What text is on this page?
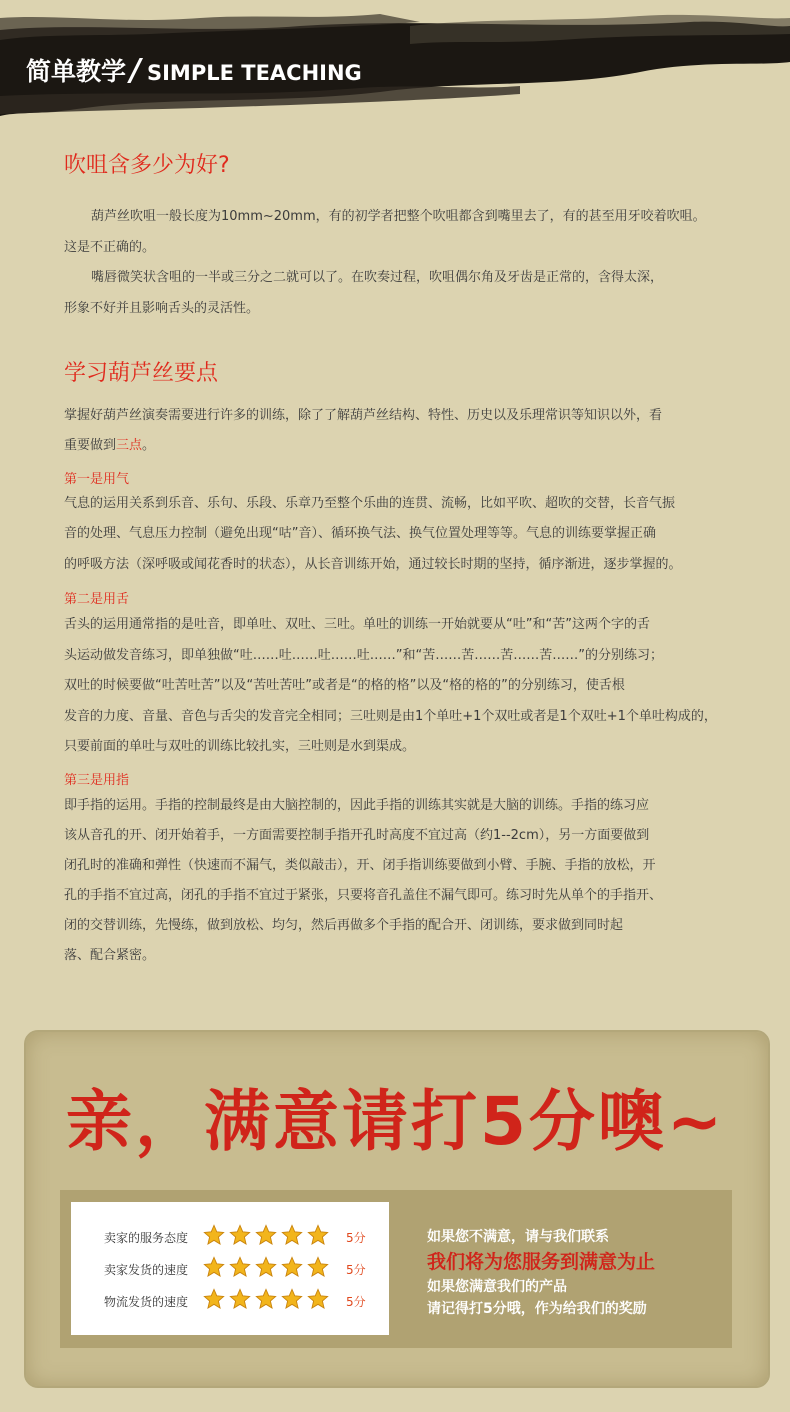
简单教学 / SIMPLE TEACHING
吹咀含多少为好?
葫芦丝吹咀一般长度为10mm~20mm，有的初学者把整个吹咀都含到嘴里去了，有的甚至用牙咬着吹咀。
这是不正确的。
嘴唇微笑状含咀的一半或三分之二就可以了。在吹奏过程，吹咀偶尔角及牙齿是正常的，含得太深，
形象不好并且影响舌头的灵活性。
学习葫芦丝要点
掌握好葫芦丝演奏需要进行许多的训练，除了了解葫芦丝结构、特性、历史以及乐理常识等知识以外，看
重要做到三点。
第一是用气
气息的运用关系到乐音、乐句、乐段、乐章乃至整个乐曲的连贯、流畅，比如平吹、超吹的交替，长音气振
音的处理、气息压力控制（避免出现“咕”音）、循环换气法、换气位置处理等等。气息的训练要掌握正确
的呼吸方法（深呼吸或闻花香时的状态），从长音训练开始，通过较长时期的坚持，循序渐进，逐步掌握的。
第二是用舌
舌头的运用通常指的是吐音，即单吐、双吐、三吐。单吐的训练一开始就要从“吐”和“苦”这两个字的舌
头运动做发音练习，即单独做“吐……吐……吐……吐……”和“苦……苦……苦……苦……”的分别练习；
双吐的时候要做“吐苦吐苦”以及“苦吐苦吐”或者是“的格的格”以及“格的格的”的分别练习，使舌根
发音的力度、音量、音色与舌尖的发音完全相同；三吐则是由1个单吐+1个双吐或者是1个双吐+1个单吐构成的，
只要前面的单吐与双吐的训练比较扎实，三吐则是水到渠成。
第三是用指
即手指的运用。手指的控制最终是由大脑控制的，因此手指的训练其实就是大脑的训练。手指的练习应
该从音孔的开、闭开始着手，一方面需要控制手指开孔时高度不宜过高（约1--2cm），另一方面要做到
闭孔时的准确和弹性（快速而不漏气，类似敲击），开、闭手指训练要做到小臂、手腕、手指的放松，开
孔的手指不宜过高，闭孔的手指不宜过于紧张，只要将音孔盖住不漏气即可。练习时先从单个的手指开、
闭的交替训练，先慢练，做到放松、均匀，然后再做多个手指的配合开、闭训练，要求做到同时起
落、配合紧密。
亲，满意请打5分噢~
卖家的服务态度	5分
卖家发货的速度	5分
物流发货的速度	5分
如果您不满意，请与我们联系
我们将为您服务到满意为止
如果您满意我们的产品
请记得打5分哦，作为给我们的奖励
